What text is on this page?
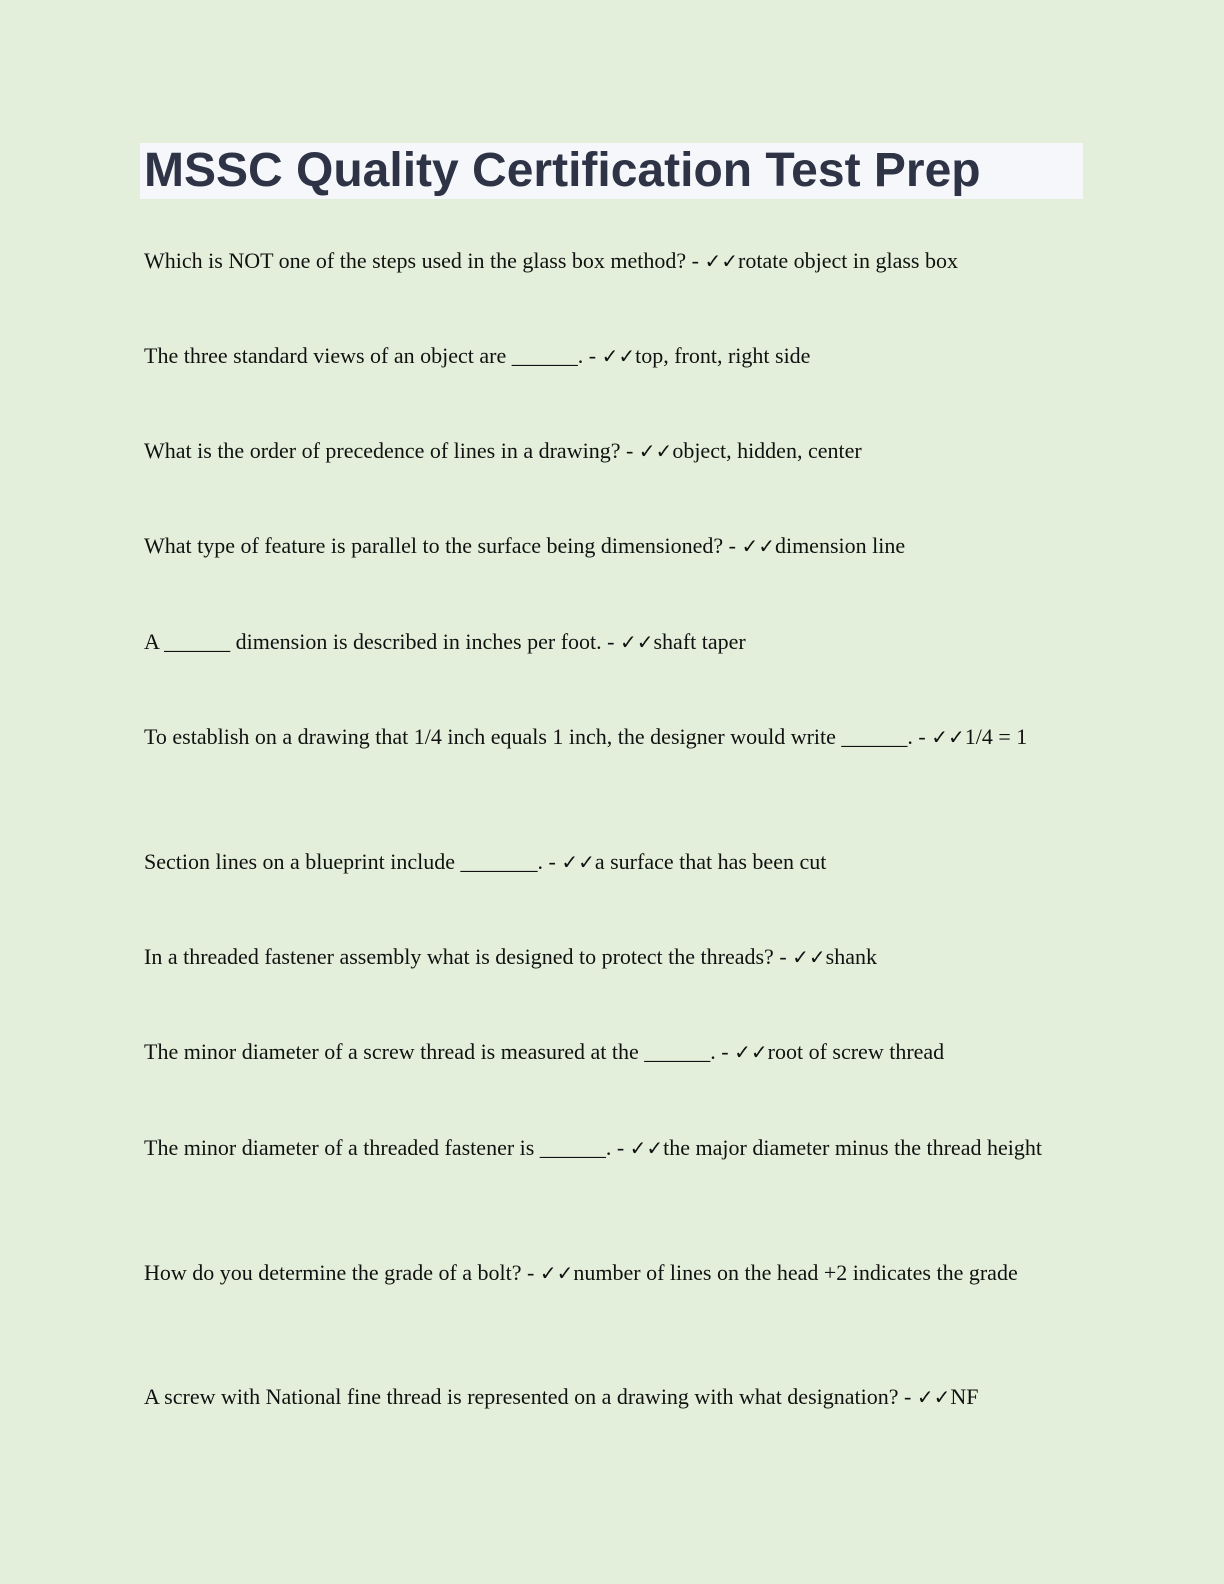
MSSC Quality Certification Test Prep

Which is NOT one of the steps used in the glass box method? - ✓✓rotate object in glass box

The three standard views of an object are ______. - ✓✓top, front, right side

What is the order of precedence of lines in a drawing? - ✓✓object, hidden, center

What type of feature is parallel to the surface being dimensioned? - ✓✓dimension line

A ______ dimension is described in inches per foot. - ✓✓shaft taper

To establish on a drawing that 1/4 inch equals 1 inch, the designer would write ______. - ✓✓1/4 = 1

Section lines on a blueprint include _______. - ✓✓a surface that has been cut

In a threaded fastener assembly what is designed to protect the threads? - ✓✓shank

The minor diameter of a screw thread is measured at the ______. - ✓✓root of screw thread

The minor diameter of a threaded fastener is ______. - ✓✓the major diameter minus the thread height

How do you determine the grade of a bolt? - ✓✓number of lines on the head +2 indicates the grade

A screw with National fine thread is represented on a drawing with what designation? - ✓✓NF
